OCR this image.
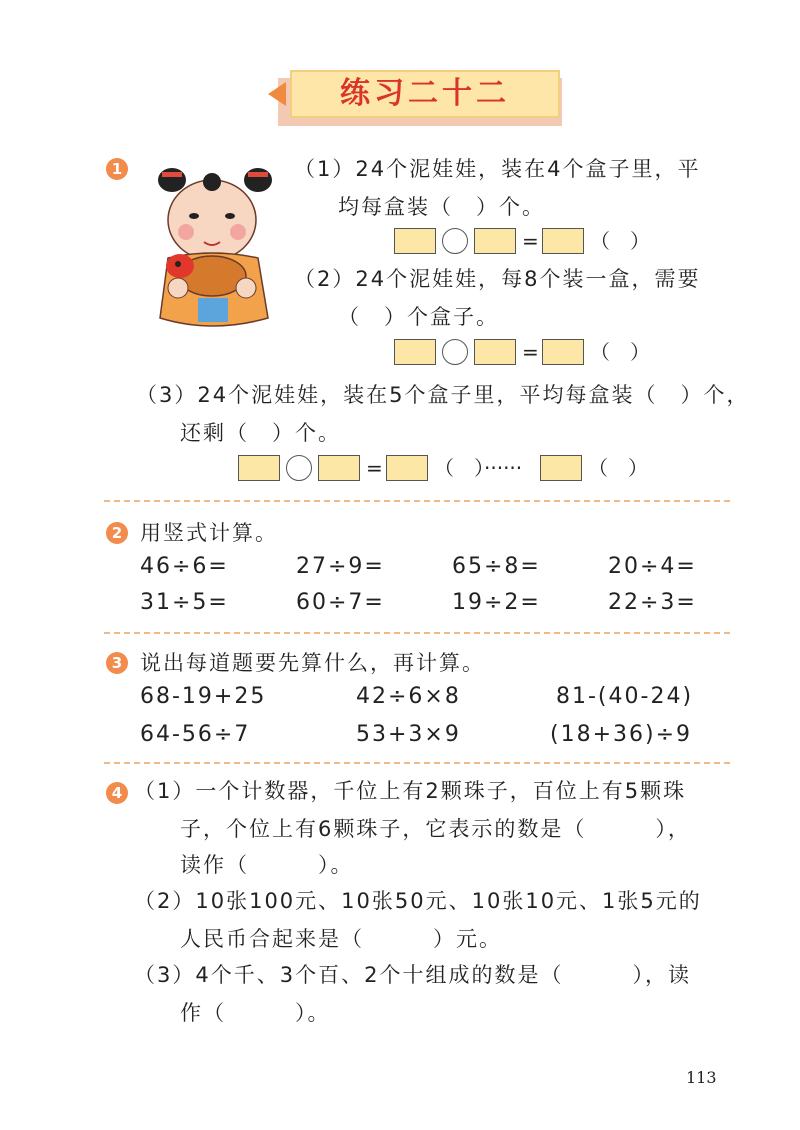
练习二十二
1	（1）24个泥娃娃，装在4个盒子里，平
均每盒装（　）个。
=	（　）
（2）24个泥娃娃，每8个装一盒，需要
（　）个盒子。
=	（　）
（3）24个泥娃娃，装在5个盒子里，平均每盒装（　）个，
还剩（　）个。
=	（　）······	（　）
2 用竖式计算。
46÷6=	27÷9=	65÷8=	20÷4=
31÷5=	60÷7=	19÷2=	22÷3=
3 说出每道题要先算什么，再计算。
68-19+25	42÷6×8	81-(40-24)
64-56÷7	53+3×9	(18+36)÷9
4 （1）一个计数器，千位上有2颗珠子，百位上有5颗珠
子，个位上有6颗珠子，它表示的数是（　　　），
读作（　　　）。
（2）10张100元、10张50元、10张10元、1张5元的
人民币合起来是（　　　）元。
（3）4个千、3个百、2个十组成的数是（　　　），读
作（　　　）。
113
